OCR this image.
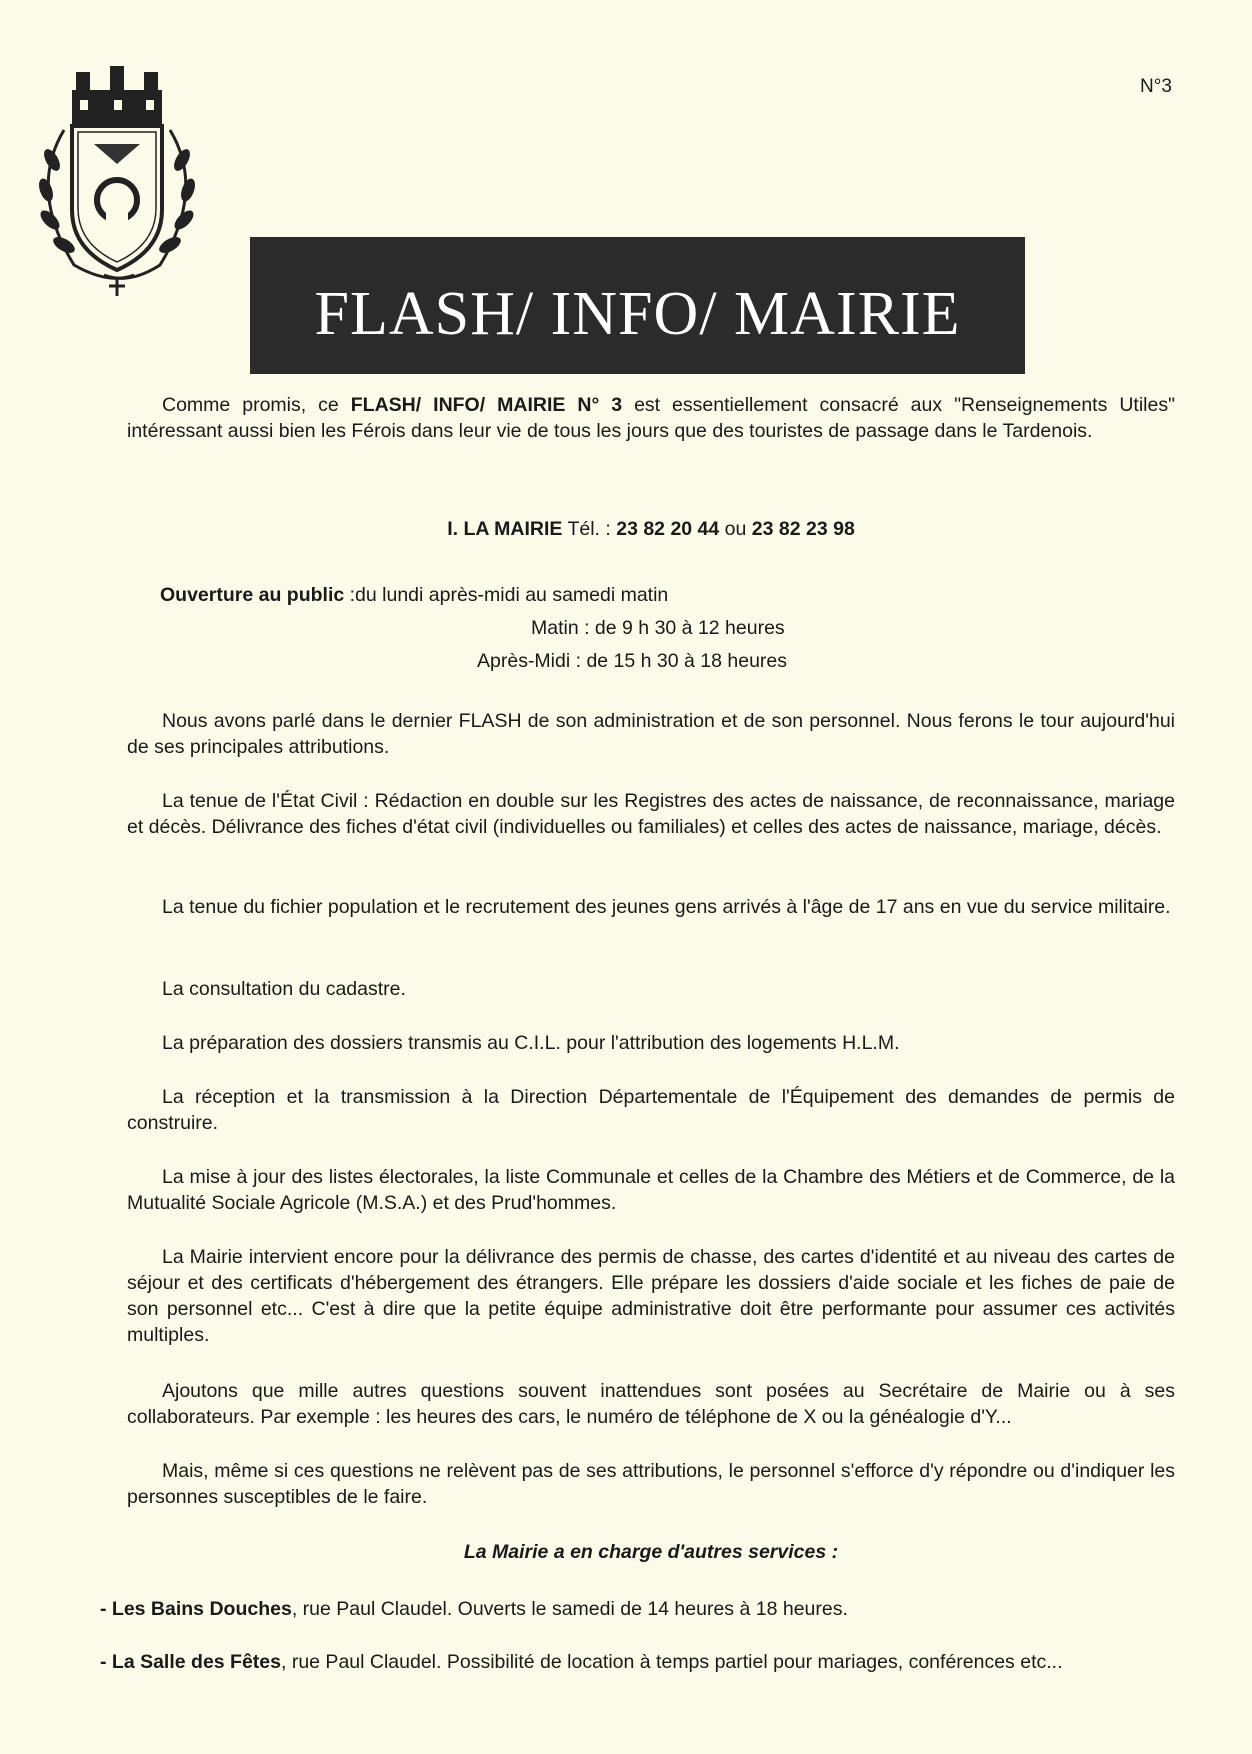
N°3
FLASH/ INFO/ MAIRIE

Comme promis, ce FLASH/ INFO/ MAIRIE N° 3 est essentiellement consacré aux "Renseignements Utiles" intéressant aussi bien les Férois dans leur vie de tous les jours que des touristes de passage dans le Tardenois.

I. LA MAIRIE Tél. : 23 82 20 44 ou 23 82 23 98

Ouverture au public :du lundi après-midi au samedi matin

Matin : de 9 h 30 à 12 heures

Après-Midi : de 15 h 30 à 18 heures

Nous avons parlé dans le dernier FLASH de son administration et de son personnel. Nous ferons le tour aujourd'hui de ses principales attributions.

La tenue de l'État Civil : Rédaction en double sur les Registres des actes de naissance, de reconnaissance, mariage et décès. Délivrance des fiches d'état civil (individuelles ou familiales) et celles des actes de naissance, mariage, décès.

La tenue du fichier population et le recrutement des jeunes gens arrivés à l'âge de 17 ans en vue du service militaire.

La consultation du cadastre.

La préparation des dossiers transmis au C.I.L. pour l'attribution des logements H.L.M.

La réception et la transmission à la Direction Départementale de l'Équipement des demandes de permis de construire.

La mise à jour des listes électorales, la liste Communale et celles de la Chambre des Métiers et de Commerce, de la Mutualité Sociale Agricole (M.S.A.) et des Prud'hommes.

La Mairie intervient encore pour la délivrance des permis de chasse, des cartes d'identité et au niveau des cartes de séjour et des certificats d'hébergement des étrangers. Elle prépare les dossiers d'aide sociale et les fiches de paie de son personnel etc... C'est à dire que la petite équipe administrative doit être performante pour assumer ces activités multiples.

Ajoutons que mille autres questions souvent inattendues sont posées au Secrétaire de Mairie ou à ses collaborateurs. Par exemple : les heures des cars, le numéro de téléphone de X ou la généalogie d'Y...

Mais, même si ces questions ne relèvent pas de ses attributions, le personnel s'efforce d'y répondre ou d'indiquer les personnes susceptibles de le faire.

La Mairie a en charge d'autres services :

- Les Bains Douches, rue Paul Claudel. Ouverts le samedi de 14 heures à 18 heures.

- La Salle des Fêtes, rue Paul Claudel. Possibilité de location à temps partiel pour mariages, conférences etc...
